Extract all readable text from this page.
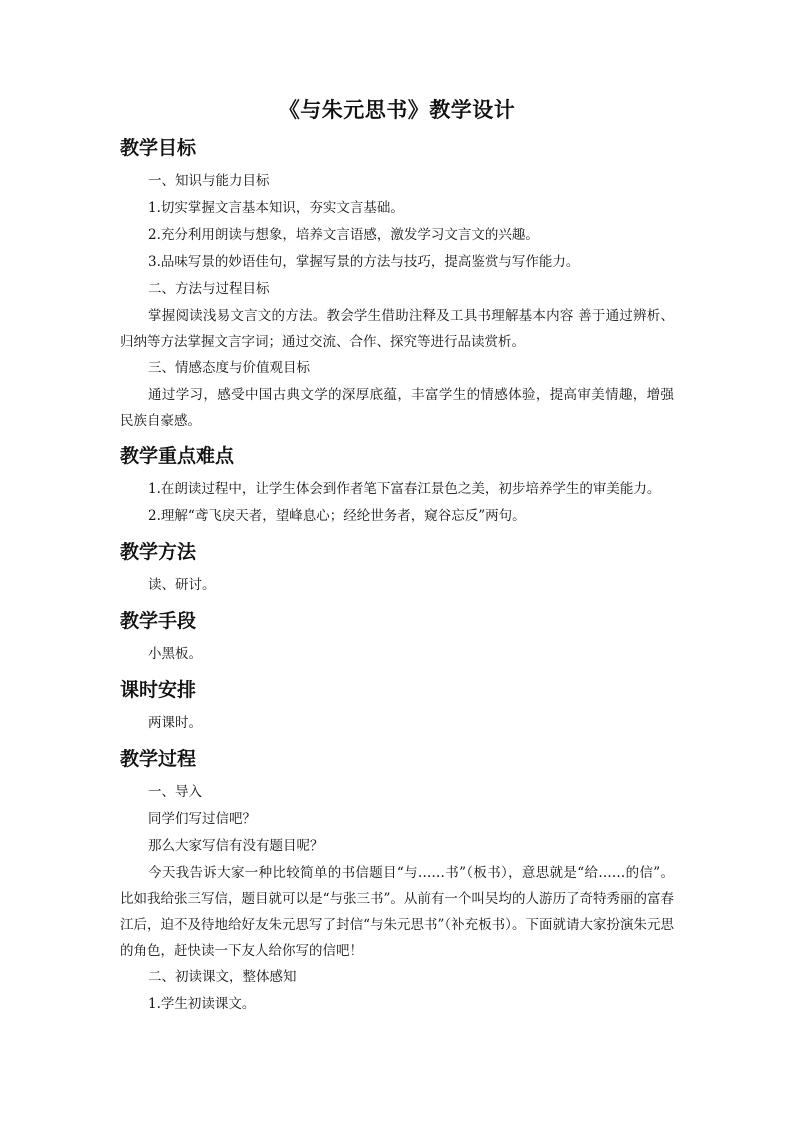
《与朱元思书》教学设计
教学目标

一、知识与能力目标

1.切实掌握文言基本知识，夯实文言基础。

2.充分利用朗读与想象，培养文言语感，激发学习文言文的兴趣。

3.品味写景的妙语佳句，掌握写景的方法与技巧，提高鉴赏与写作能力。

二、方法与过程目标

掌握阅读浅易文言文的方法。教会学生借助注释及工具书理解基本内容 善于通过辨析、归纳等方法掌握文言字词；通过交流、合作、探究等进行品读赏析。

三、情感态度与价值观目标

通过学习，感受中国古典文学的深厚底蕴，丰富学生的情感体验，提高审美情趣，增强民族自豪感。

教学重点难点

1.在朗读过程中，让学生体会到作者笔下富春江景色之美，初步培养学生的审美能力。

2.理解“鸢飞戾天者，望峰息心；经纶世务者，窥谷忘反”两句。

教学方法

读、研讨。

教学手段

小黑板。

课时安排

两课时。

教学过程

一、导入

同学们写过信吧？

那么大家写信有没有题目呢？

今天我告诉大家一种比较简单的书信题目“与……书”（板书），意思就是“给……的信”。比如我给张三写信，题目就可以是“与张三书”。从前有一个叫吴均的人游历了奇特秀丽的富春江后，迫不及待地给好友朱元思写了封信“与朱元思书”（补充板书）。下面就请大家扮演朱元思的角色，赶快读一下友人给你写的信吧！

二、初读课文，整体感知

1.学生初读课文。
